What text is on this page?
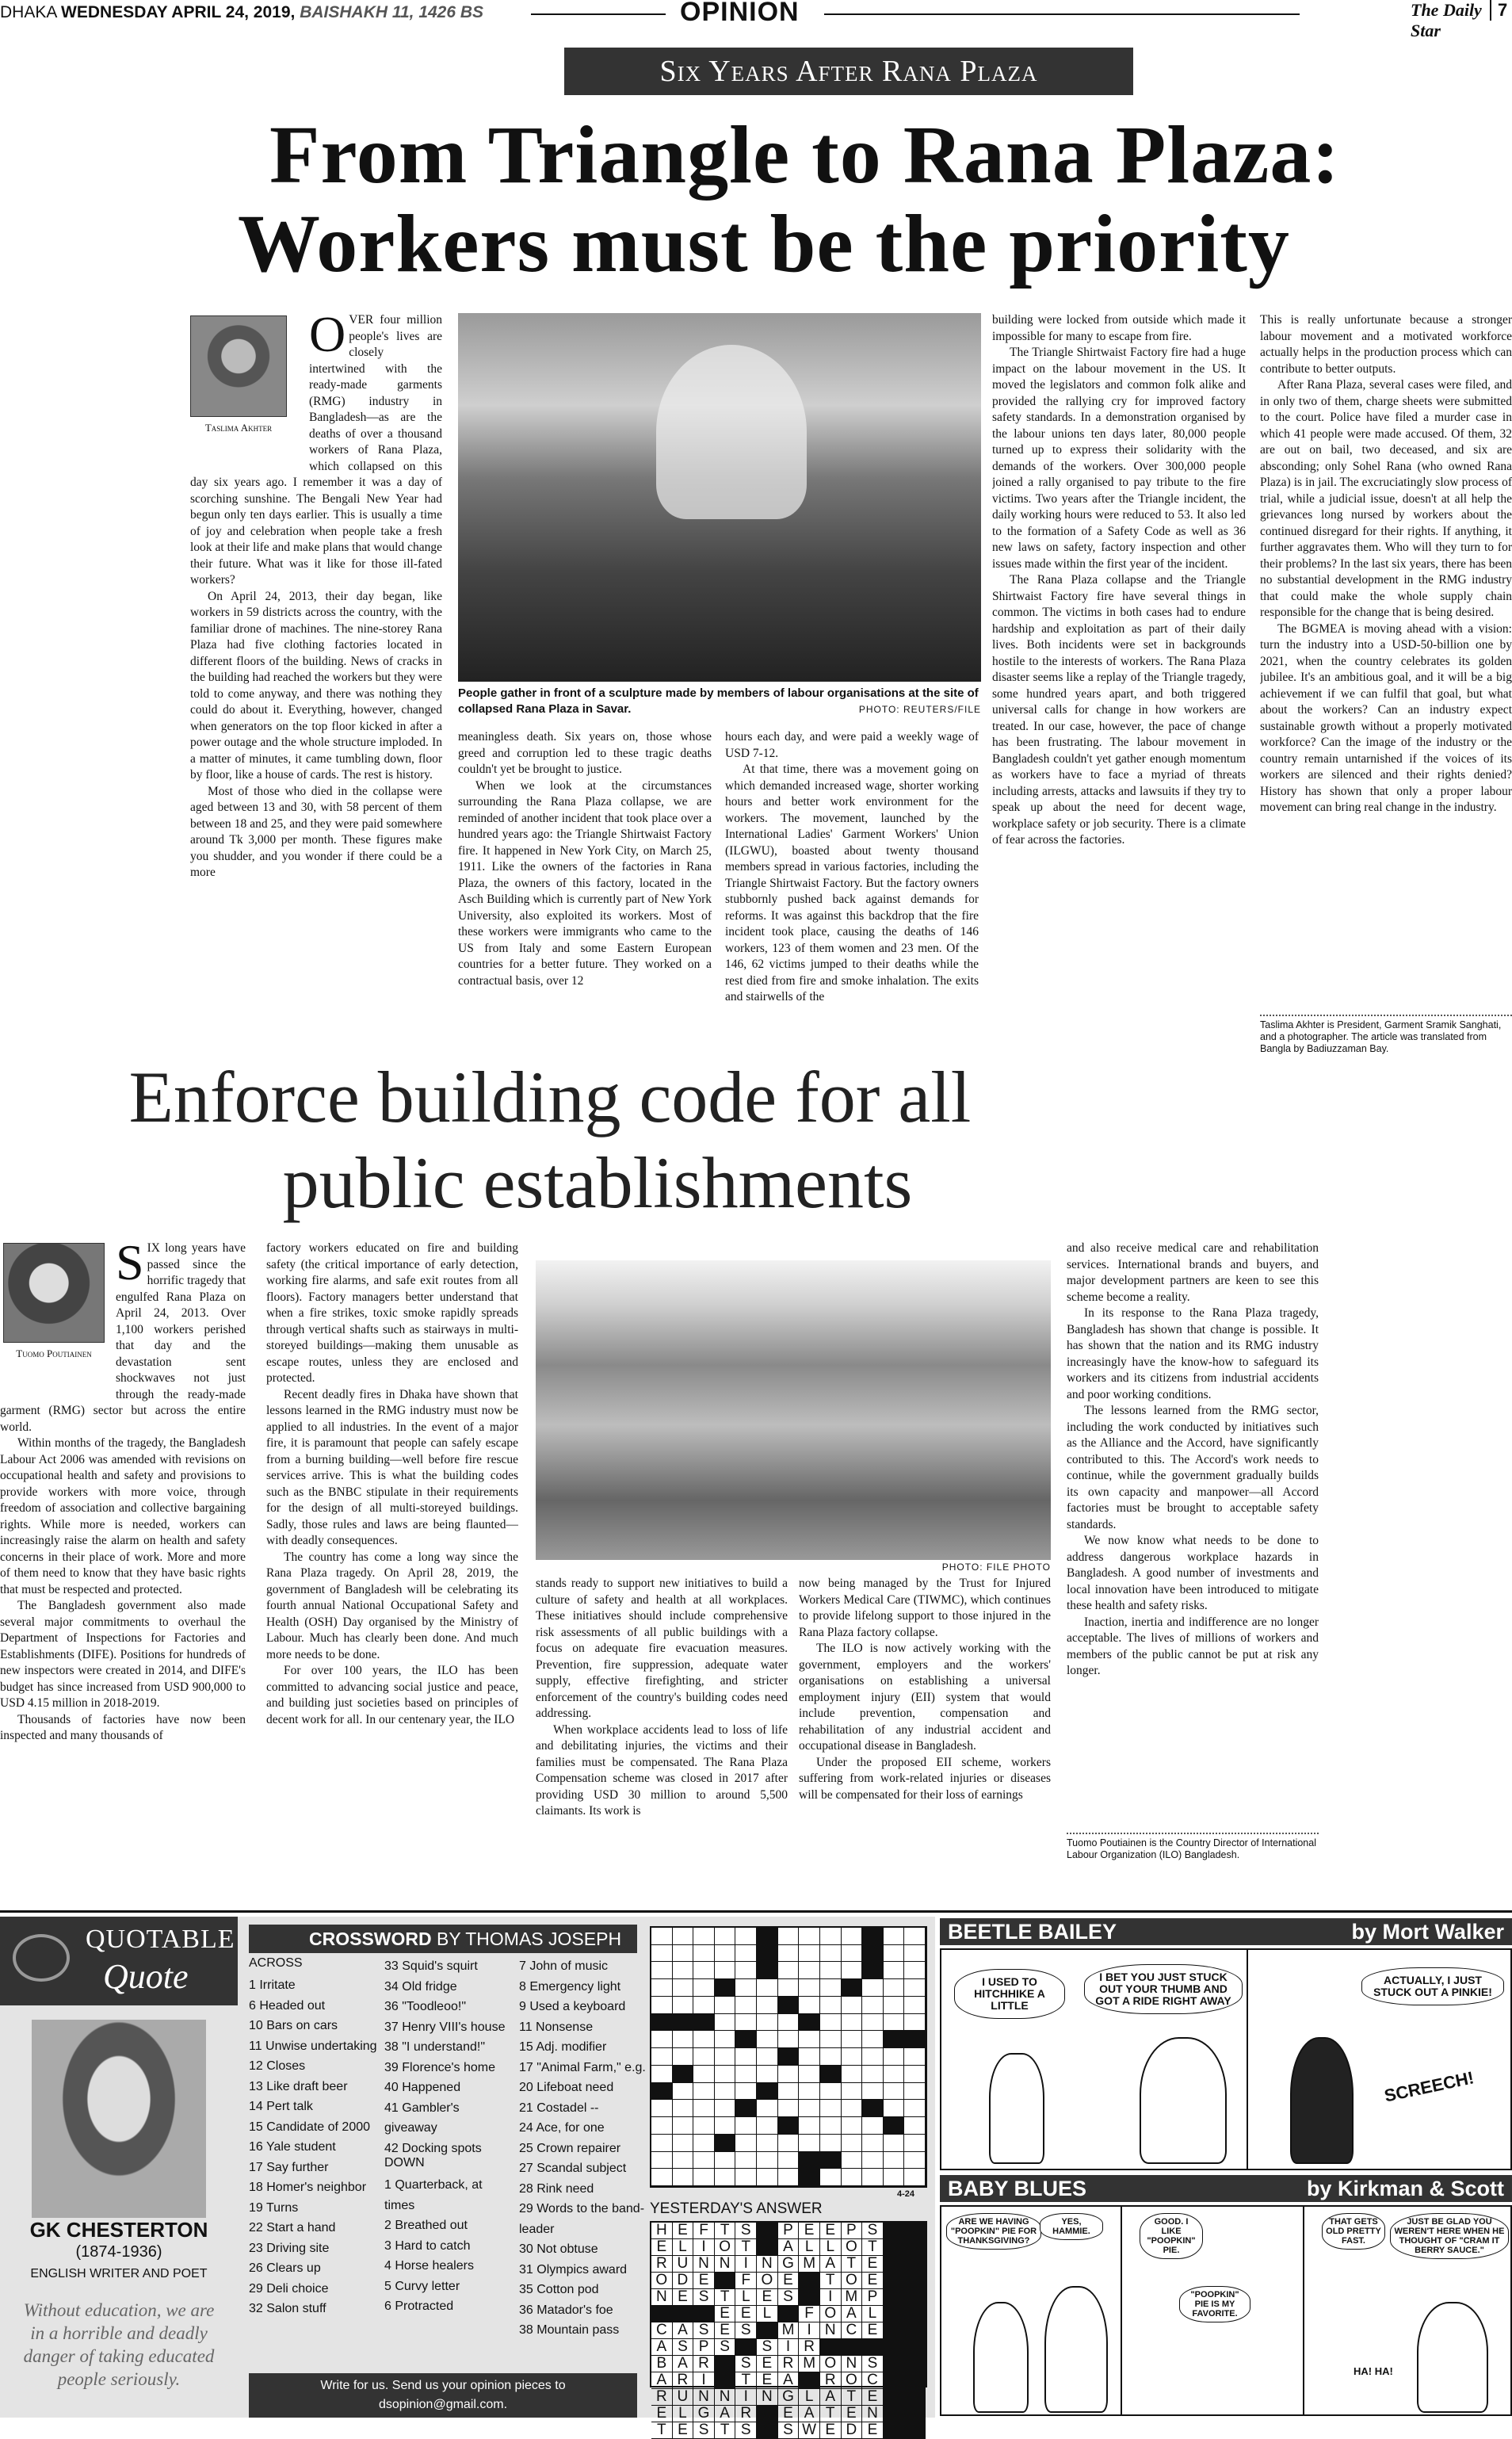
DHAKA WEDNESDAY APRIL 24, 2019, BAISHAKH 11, 1426 BS	OPINION	The Daily Star
7
Six Years After Rana Plaza
From Triangle to Rana Plaza:
Workers must be the priority
Taslima Akhter
O VER four million people's lives are closely intertwined with the ready-made garments (RMG) industry in Bangladesh—as are the deaths of over a thousand workers of Rana Plaza, which collapsed on this day six years ago. I remember it was a day of scorching sunshine. The Bengali New Year had begun only ten days earlier. This is usually a time of joy and celebration when people take a fresh look at their life and make plans that would change their future. What was it like for those ill-fated workers?

On April 24, 2013, their day began, like workers in 59 districts across the country, with the familiar drone of machines. The nine-storey Rana Plaza had five clothing factories located in different floors of the building. News of cracks in the building had reached the workers but they were told to come anyway, and there was nothing they could do about it. Everything, however, changed when generators on the top floor kicked in after a power outage and the whole structure imploded. In a matter of minutes, it came tumbling down, floor by floor, like a house of cards. The rest is history.

Most of those who died in the collapse were aged between 13 and 30, with 58 percent of them between 18 and 25, and they were paid somewhere around Tk 3,000 per month. These figures make you shudder, and you wonder if there could be a more

People gather in front of a sculpture made by members of labour organisations at the site of collapsed Rana Plaza in Savar.	PHOTO: REUTERS/FILE

meaningless death. Six years on, those whose greed and corruption led to these tragic deaths couldn't yet be brought to justice.

When we look at the circumstances surrounding the Rana Plaza collapse, we are reminded of another incident that took place over a hundred years ago: the Triangle Shirtwaist Factory fire. It happened in New York City, on March 25, 1911. Like the owners of the factories in Rana Plaza, the owners of this factory, located in the Asch Building which is currently part of New York University, also exploited its workers. Most of these workers were immigrants who came to the US from Italy and some Eastern European countries for a better future. They worked on a contractual basis, over 12

hours each day, and were paid a weekly wage of USD 7-12.

At that time, there was a movement going on which demanded increased wage, shorter working hours and better work environment for the workers. The movement, launched by the International Ladies' Garment Workers' Union (ILGWU), boasted about twenty thousand members spread in various factories, including the Triangle Shirtwaist Factory. But the factory owners stubbornly pushed back against demands for reforms. It was against this backdrop that the fire incident took place, causing the deaths of 146 workers, 123 of them women and 23 men. Of the 146, 62 victims jumped to their deaths while the rest died from fire and smoke inhalation. The exits and stairwells of the

building were locked from outside which made it impossible for many to escape from fire.

The Triangle Shirtwaist Factory fire had a huge impact on the labour movement in the US. It moved the legislators and common folk alike and provided the rallying cry for improved factory safety standards. In a demonstration organised by the labour unions ten days later, 80,000 people turned up to express their solidarity with the demands of the workers. Over 300,000 people joined a rally organised to pay tribute to the fire victims. Two years after the Triangle incident, the daily working hours were reduced to 53. It also led to the formation of a Safety Code as well as 36 new laws on safety, factory inspection and other issues made within the first year of the incident.

The Rana Plaza collapse and the Triangle Shirtwaist Factory fire have several things in common. The victims in both cases had to endure hardship and exploitation as part of their daily lives. Both incidents were set in backgrounds hostile to the interests of workers. The Rana Plaza disaster seems like a replay of the Triangle tragedy, some hundred years apart, and both triggered universal calls for change in how workers are treated. In our case, however, the pace of change has been frustrating. The labour movement in Bangladesh couldn't yet gather enough momentum as workers have to face a myriad of threats including arrests, attacks and lawsuits if they try to speak up about the need for decent wage, workplace safety or job security. There is a climate of fear across the factories.

This is really unfortunate because a stronger labour movement and a motivated workforce actually helps in the production process which can contribute to better outputs.

After Rana Plaza, several cases were filed, and in only two of them, charge sheets were submitted to the court. Police have filed a murder case in which 41 people were made accused. Of them, 32 are out on bail, two deceased, and six are absconding; only Sohel Rana (who owned Rana Plaza) is in jail. The excruciatingly slow process of trial, while a judicial issue, doesn't at all help the grievances long nursed by workers about the continued disregard for their rights. If anything, it further aggravates them. Who will they turn to for their problems? In the last six years, there has been no substantial development in the RMG industry that could make the whole supply chain responsible for the change that is being desired.

The BGMEA is moving ahead with a vision: turn the industry into a USD-50-billion one by 2021, when the country celebrates its golden jubilee. It's an ambitious goal, and it will be a big achievement if we can fulfil that goal, but what about the workers? Can an industry expect sustainable growth without a properly motivated workforce? Can the image of the industry or the country remain untarnished if the voices of its workers are silenced and their rights denied? History has shown that only a proper labour movement can bring real change in the industry.

Taslima Akhter is President, Garment Sramik Sanghati, and a photographer. The article was translated from Bangla by Badiuzzaman Bay.
Enforce building code for all
public establishments
Tuomo Poutiainen
S IX long years have passed since the horrific tragedy that engulfed Rana Plaza on April 24, 2013. Over 1,100 workers perished that day and the devastation sent shockwaves not just through the ready-made garment (RMG) sector but across the entire world.

Within months of the tragedy, the Bangladesh Labour Act 2006 was amended with revisions on occupational health and safety and provisions to provide workers with more voice, through freedom of association and collective bargaining rights. While more is needed, workers can increasingly raise the alarm on health and safety concerns in their place of work. More and more of them need to know that they have basic rights that must be respected and protected.

The Bangladesh government also made several major commitments to overhaul the Department of Inspections for Factories and Establishments (DIFE). Positions for hundreds of new inspectors were created in 2014, and DIFE's budget has since increased from USD 900,000 to USD 4.15 million in 2018-2019.

Thousands of factories have now been inspected and many thousands of

factory workers educated on fire and building safety (the critical importance of early detection, working fire alarms, and safe exit routes from all floors). Factory managers better understand that when a fire strikes, toxic smoke rapidly spreads through vertical shafts such as stairways in multi-storeyed buildings—making them unusable as escape routes, unless they are enclosed and protected.

Recent deadly fires in Dhaka have shown that lessons learned in the RMG industry must now be applied to all industries. In the event of a major fire, it is paramount that people can safely escape from a burning building—well before fire rescue services arrive. This is what the building codes such as the BNBC stipulate in their requirements for the design of all multi-storeyed buildings. Sadly, those rules and laws are being flaunted—with deadly consequences.

The country has come a long way since the Rana Plaza tragedy. On April 28, 2019, the government of Bangladesh will be celebrating its fourth annual National Occupational Safety and Health (OSH) Day organised by the Ministry of Labour. Much has clearly been done. And much more needs to be done.

For over 100 years, the ILO has been committed to advancing social justice and peace, and building just societies based on principles of decent work for all. In our centenary year, the ILO

PHOTO: FILE PHOTO

stands ready to support new initiatives to build a culture of safety and health at all workplaces. These initiatives should include comprehensive risk assessments of all public buildings with a focus on adequate fire evacuation measures. Prevention, fire suppression, adequate water supply, effective firefighting, and stricter enforcement of the country's building codes need addressing.

When workplace accidents lead to loss of life and debilitating injuries, the victims and their families must be compensated. The Rana Plaza Compensation scheme was closed in 2017 after providing USD 30 million to around 5,500 claimants. Its work is

now being managed by the Trust for Injured Workers Medical Care (TIWMC), which continues to provide lifelong support to those injured in the Rana Plaza factory collapse.

The ILO is now actively working with the government, employers and the workers' organisations on establishing a universal employment injury (EII) system that would include prevention, compensation and rehabilitation of any industrial accident and occupational disease in Bangladesh.

Under the proposed EII scheme, workers suffering from work-related injuries or diseases will be compensated for their loss of earnings

and also receive medical care and rehabilitation services. International brands and buyers, and major development partners are keen to see this scheme become a reality.

In its response to the Rana Plaza tragedy, Bangladesh has shown that change is possible. It has shown that the nation and its RMG industry increasingly have the know-how to safeguard its workers and its citizens from industrial accidents and poor working conditions.

The lessons learned from the RMG sector, including the work conducted by initiatives such as the Alliance and the Accord, have significantly contributed to this. The Accord's work needs to continue, while the government gradually builds its own capacity and manpower—all Accord factories must be brought to acceptable safety standards.

We now know what needs to be done to address dangerous workplace hazards in Bangladesh. A good number of investments and local innovation have been introduced to mitigate these health and safety risks.

Inaction, inertia and indifference are no longer acceptable. The lives of millions of workers and members of the public cannot be put at risk any longer.

Tuomo Poutiainen is the Country Director of International Labour Organization (ILO) Bangladesh.
QUOTABLE
Quote
GK CHESTERTON
(1874-1936)
ENGLISH WRITER AND POET
Without education, we are in a horrible and deadly danger of taking educated people seriously.
CROSSWORD BY THOMAS JOSEPH
ACROSS
1 Irritate
6 Headed out
10 Bars on cars
11 Unwise undertaking
12 Closes
13 Like draft beer
14 Pert talk
15 Candidate of 2000
16 Yale student
17 Say further
18 Homer's neighbor
19 Turns
22 Start a hand
23 Driving site
26 Clears up
29 Deli choice
32 Salon stuff
33 Squid's squirt
34 Old fridge
36 "Toodleoo!"
37 Henry VIII's house
38 "I understand!"
39 Florence's home
40 Happened
41 Gambler's giveaway
42 Docking spots
DOWN
1 Quarterback, at times
2 Breathed out
3 Hard to catch
4 Horse healers
5 Curvy letter
6 Protracted
7 John of music
8 Emergency light
9 Used a keyboard
11 Nonsense
15 Adj. modifier
17 "Animal Farm," e.g.
20 Lifeboat need
21 Costadel --
24 Ace, for one
25 Crown repairer
27 Scandal subject
28 Rink need
29 Words to the band-leader
30 Not obtuse
31 Olympics award
35 Cotton pod
36 Matador's foe
38 Mountain pass
4-24
YESTERDAY'S ANSWER
H E F T S	P E E P S
E L I O T	A L L O T
R U N N I N G M A T E
O D E	F O E	T O E
N E S T L E S	I M P
E E L	F O A L
C A S E S	M I N C E
A S P S	S I R
B A R	S E R M O N S
A R I	T E A	R O C
R U N N I N G L A T E
E L G A R	E A T E N
T E S T S	S W E D E
Write for us. Send us your opinion pieces to
dsopinion@gmail.com.
BEETLE BAILEY	by Mort Walker
I USED TO HITCHHIKE A LITTLE
I BET YOU JUST STUCK OUT YOUR THUMB AND GOT A RIDE RIGHT AWAY
ACTUALLY, I JUST STUCK OUT A PINKIE!
SCREECH!
BABY BLUES	by Kirkman & Scott
ARE WE HAVING "POOPKIN" PIE FOR THANKSGIVING?
YES, HAMMIE.
GOOD. I LIKE "POOPKIN" PIE.
"POOPKIN" PIE IS MY FAVORITE.
THAT GETS OLD PRETTY FAST.
JUST BE GLAD YOU WEREN'T HERE WHEN HE THOUGHT OF "CRAM IT BERRY SAUCE."
HA! HA!
